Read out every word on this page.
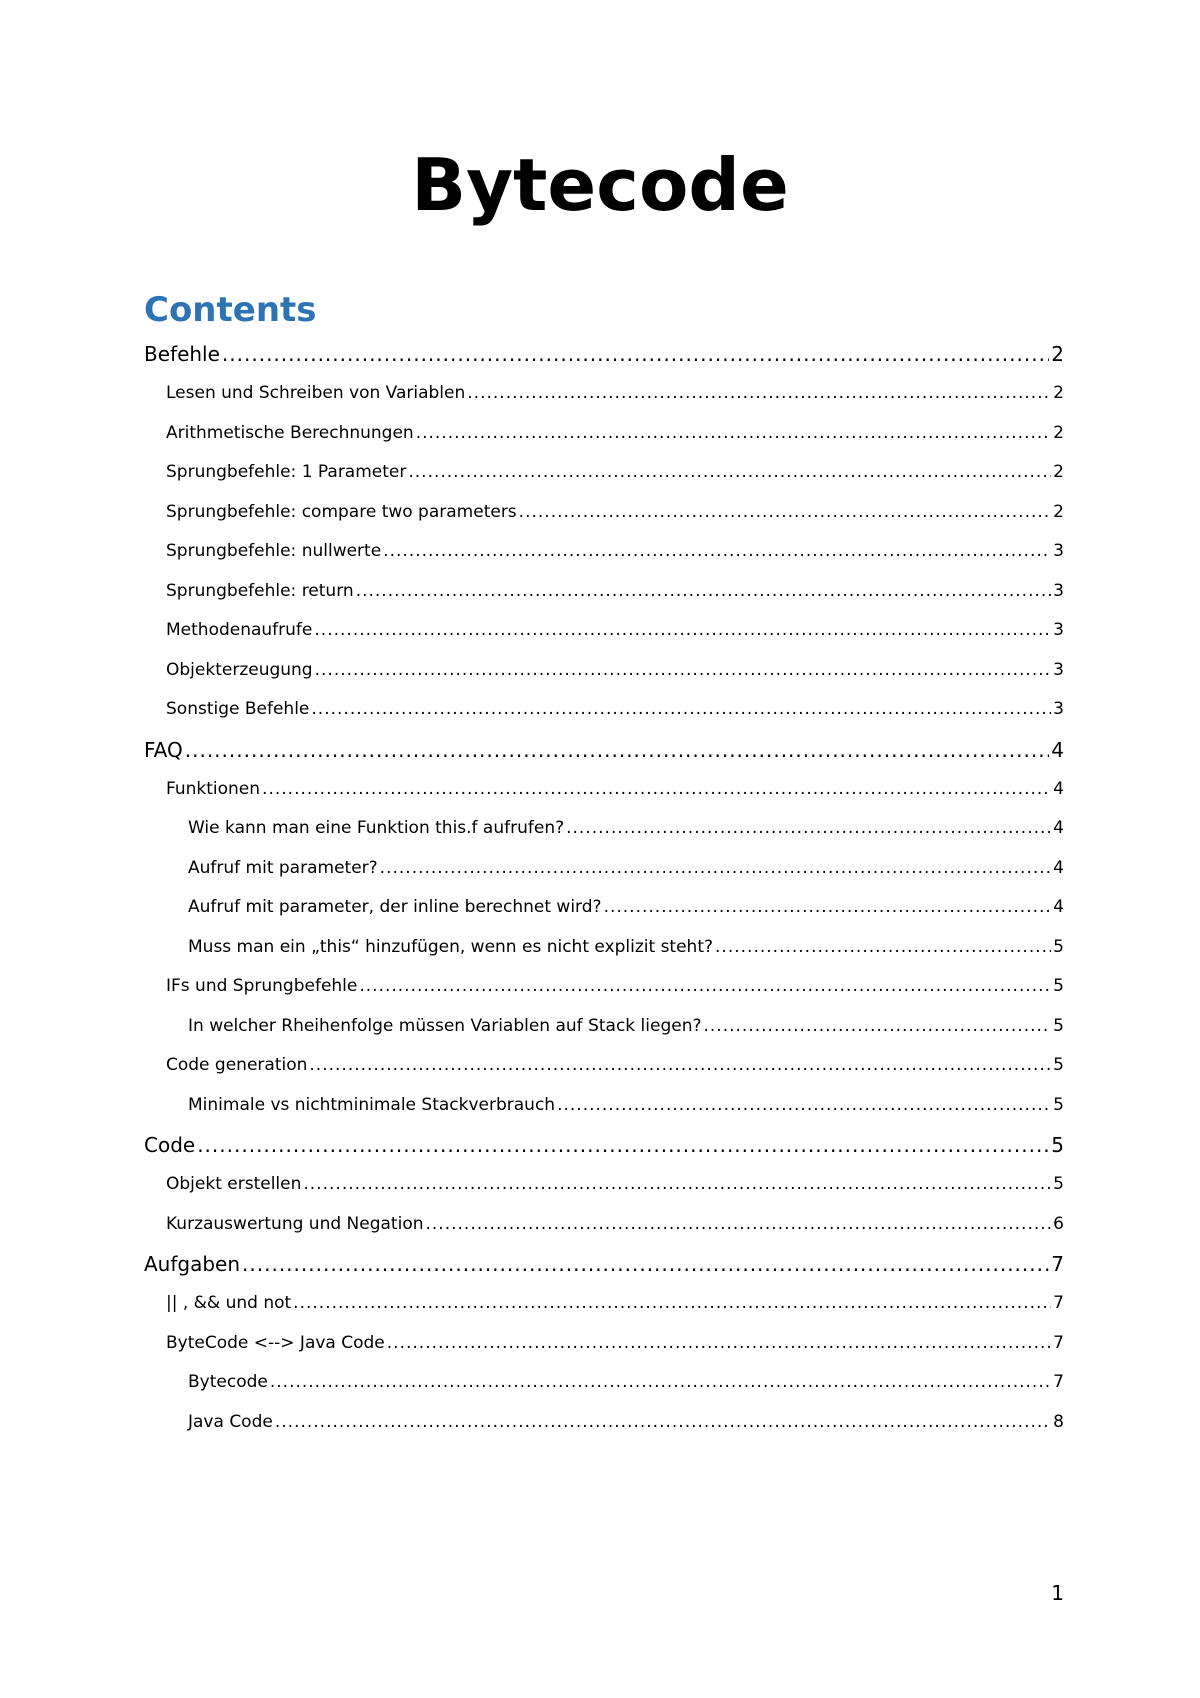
Bytecode
Contents
Befehle .....	2
Lesen und Schreiben von Variablen .....	2
Arithmetische Berechnungen .....	2
Sprungbefehle: 1 Parameter .....	2
Sprungbefehle: compare two parameters .....	2
Sprungbefehle: nullwerte .....	3
Sprungbefehle: return .....	3
Methodenaufrufe .....	3
Objekterzeugung .....	3
Sonstige Befehle .....	3
FAQ .....	4
Funktionen .....	4
Wie kann man eine Funktion this.f aufrufen? .....	4
Aufruf mit parameter? .....	4
Aufruf mit parameter, der inline berechnet wird? .....	4
Muss man ein „this“ hinzufügen, wenn es nicht explizit steht? .....	5
IFs und Sprungbefehle .....	5
In welcher Rheihenfolge müssen Variablen auf Stack liegen? .....	5
Code generation .....	5
Minimale vs nichtminimale Stackverbrauch .....	5
Code .....	5
Objekt erstellen .....	5
Kurzauswertung und Negation .....	6
Aufgaben .....	7
|| , && und not .....	7
ByteCode <--> Java Code .....	7
Bytecode .....	7
Java Code .....	8
1
